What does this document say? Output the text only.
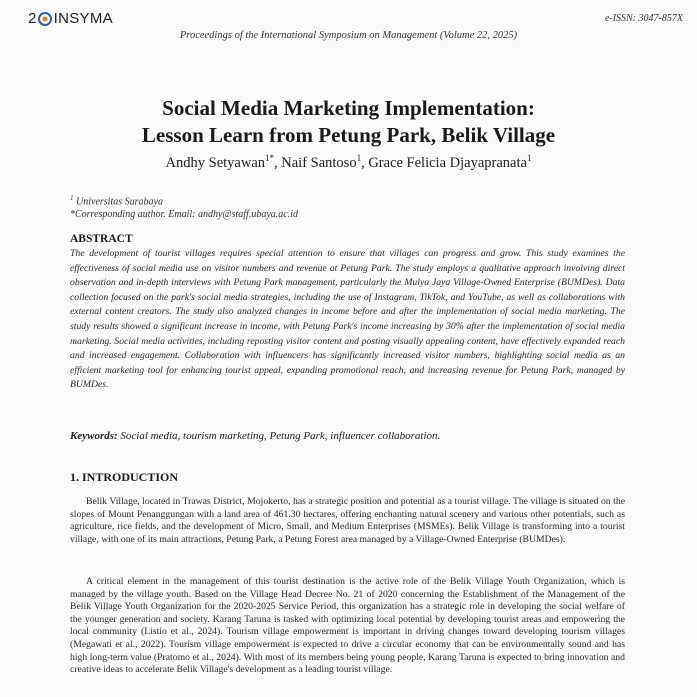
2 INSYMA	e-ISSN: 3047-857X
Proceedings of the International Symposium on Management (Volume 22, 2025)
Social Media Marketing Implementation:
Lesson Learn from Petung Park, Belik Village
Andhy Setyawan$^{1*}$, Naif Santoso$^1$, Grace Felicia Djayapranata$^1$
$^1$ Universitas Surabaya
*Corresponding author. Email: andhy@staff.ubaya.ac.id
ABSTRACT
The development of tourist villages requires special attention to ensure that villages can progress and grow. This study examines the effectiveness of social media use on visitor numbers and revenue at Petung Park. The study employs a qualitative approach involving direct observation and in-depth interviews with Petung Park management, particularly the Mulya Jaya Village-Owned Enterprise (BUMDes). Data collection focused on the park's social media strategies, including the use of Instagram, TikTok, and YouTube, as well as collaborations with external content creators. The study also analyzed changes in income before and after the implementation of social media marketing. The study results showed a significant increase in income, with Petung Park's income increasing by 30% after the implementation of social media marketing. Social media activities, including reposting visitor content and posting visually appealing content, have effectively expanded reach and increased engagement. Collaboration with influencers has significantly increased visitor numbers, highlighting social media as an efficient marketing tool for enhancing tourist appeal, expanding promotional reach, and increasing revenue for Petung Park, managed by BUMDes.
Keywords: Social media, tourism marketing, Petung Park, influencer collaboration.
1. INTRODUCTION
Belik Village, located in Trawas District, Mojokerto, has a strategic position and potential as a tourist village. The village is situated on the slopes of Mount Penanggungan with a land area of 461.30 hectares, offering enchanting natural scenery and various other potentials, such as agriculture, rice fields, and the development of Micro, Small, and Medium Enterprises (MSMEs). Belik Village is transforming into a tourist village, with one of its main attractions, Petung Park, a Petung Forest area managed by a Village-Owned Enterprise (BUMDes).
A critical element in the management of this tourist destination is the active role of the Belik Village Youth Organization, which is managed by the village youth. Based on the Village Head Decree No. 21 of 2020 concerning the Establishment of the Management of the Belik Village Youth Organization for the 2020-2025 Service Period, this organization has a strategic role in developing the social welfare of the younger generation and society. Karang Taruna is tasked with optimizing local potential by developing tourist areas and empowering the local community (Listio et al., 2024). Tourism village empowerment is important in driving changes toward developing tourism villages (Megawati et al., 2022). Tourism village empowerment is expected to drive a circular economy that can be environmentally sound and has high long-term value (Pratomo et al., 2024). With most of its members being young people, Karang Taruna is expected to bring innovation and creative ideas to accelerate Belik Village's development as a leading tourist village.
